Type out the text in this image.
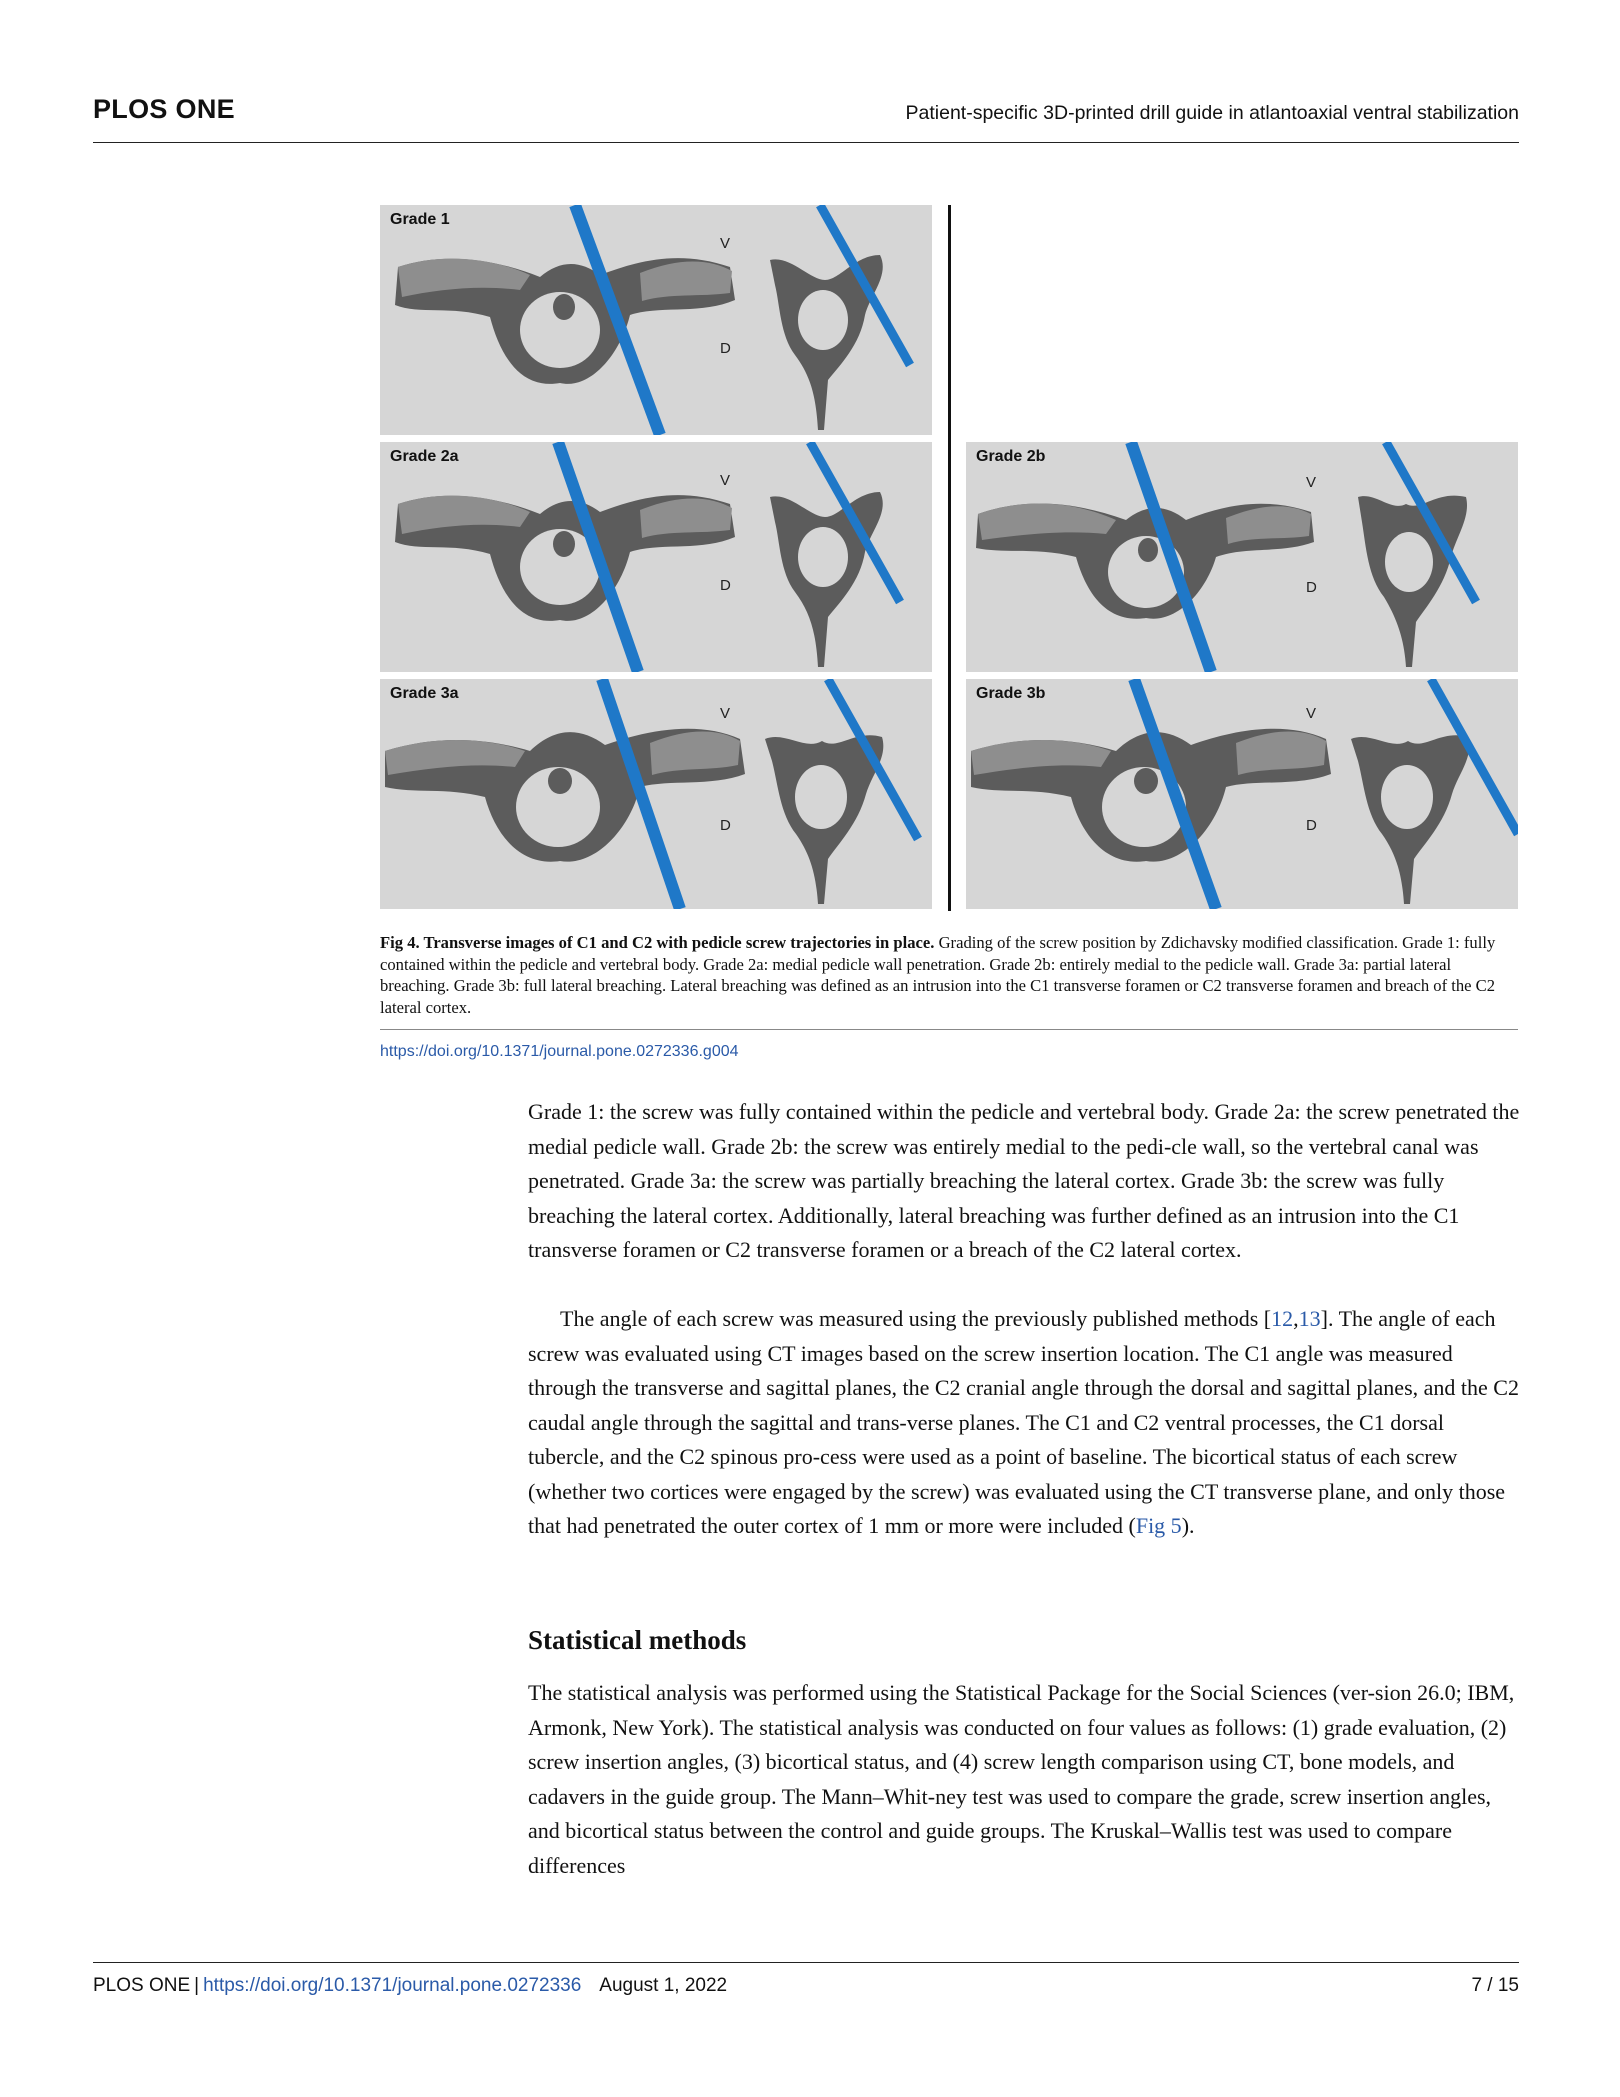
PLOS ONE	Patient-specific 3D-printed drill guide in atlantoaxial ventral stabilization
Grade 1
V
D
Grade 2a
V
D
Grade 2b
V
D
Grade 3a
V
D
Grade 3b
V
D
Fig 4. Transverse images of C1 and C2 with pedicle screw trajectories in place. Grading of the screw position by Zdichavsky modified classification. Grade 1: fully contained within the pedicle and vertebral body. Grade 2a: medial pedicle wall penetration. Grade 2b: entirely medial to the pedicle wall. Grade 3a: partial lateral breaching. Grade 3b: full lateral breaching. Lateral breaching was defined as an intrusion into the C1 transverse foramen or C2 transverse foramen and breach of the C2 lateral cortex.
https://doi.org/10.1371/journal.pone.0272336.g004
Grade 1: the screw was fully contained within the pedicle and vertebral body. Grade 2a: the screw penetrated the medial pedicle wall. Grade 2b: the screw was entirely medial to the pedi-cle wall, so the vertebral canal was penetrated. Grade 3a: the screw was partially breaching the lateral cortex. Grade 3b: the screw was fully breaching the lateral cortex. Additionally, lateral breaching was further defined as an intrusion into the C1 transverse foramen or C2 transverse foramen or a breach of the C2 lateral cortex.
The angle of each screw was measured using the previously published methods [12,13]. The angle of each screw was evaluated using CT images based on the screw insertion location. The C1 angle was measured through the transverse and sagittal planes, the C2 cranial angle through the dorsal and sagittal planes, and the C2 caudal angle through the sagittal and trans-verse planes. The C1 and C2 ventral processes, the C1 dorsal tubercle, and the C2 spinous pro-cess were used as a point of baseline. The bicortical status of each screw (whether two cortices were engaged by the screw) was evaluated using the CT transverse plane, and only those that had penetrated the outer cortex of 1 mm or more were included (Fig 5).
Statistical methods
The statistical analysis was performed using the Statistical Package for the Social Sciences (ver-sion 26.0; IBM, Armonk, New York). The statistical analysis was conducted on four values as follows: (1) grade evaluation, (2) screw insertion angles, (3) bicortical status, and (4) screw length comparison using CT, bone models, and cadavers in the guide group. The Mann–Whit-ney test was used to compare the grade, screw insertion angles, and bicortical status between the control and guide groups. The Kruskal–Wallis test was used to compare differences
PLOS ONE | https://doi.org/10.1371/journal.pone.0272336 August 1, 2022	7 / 15
